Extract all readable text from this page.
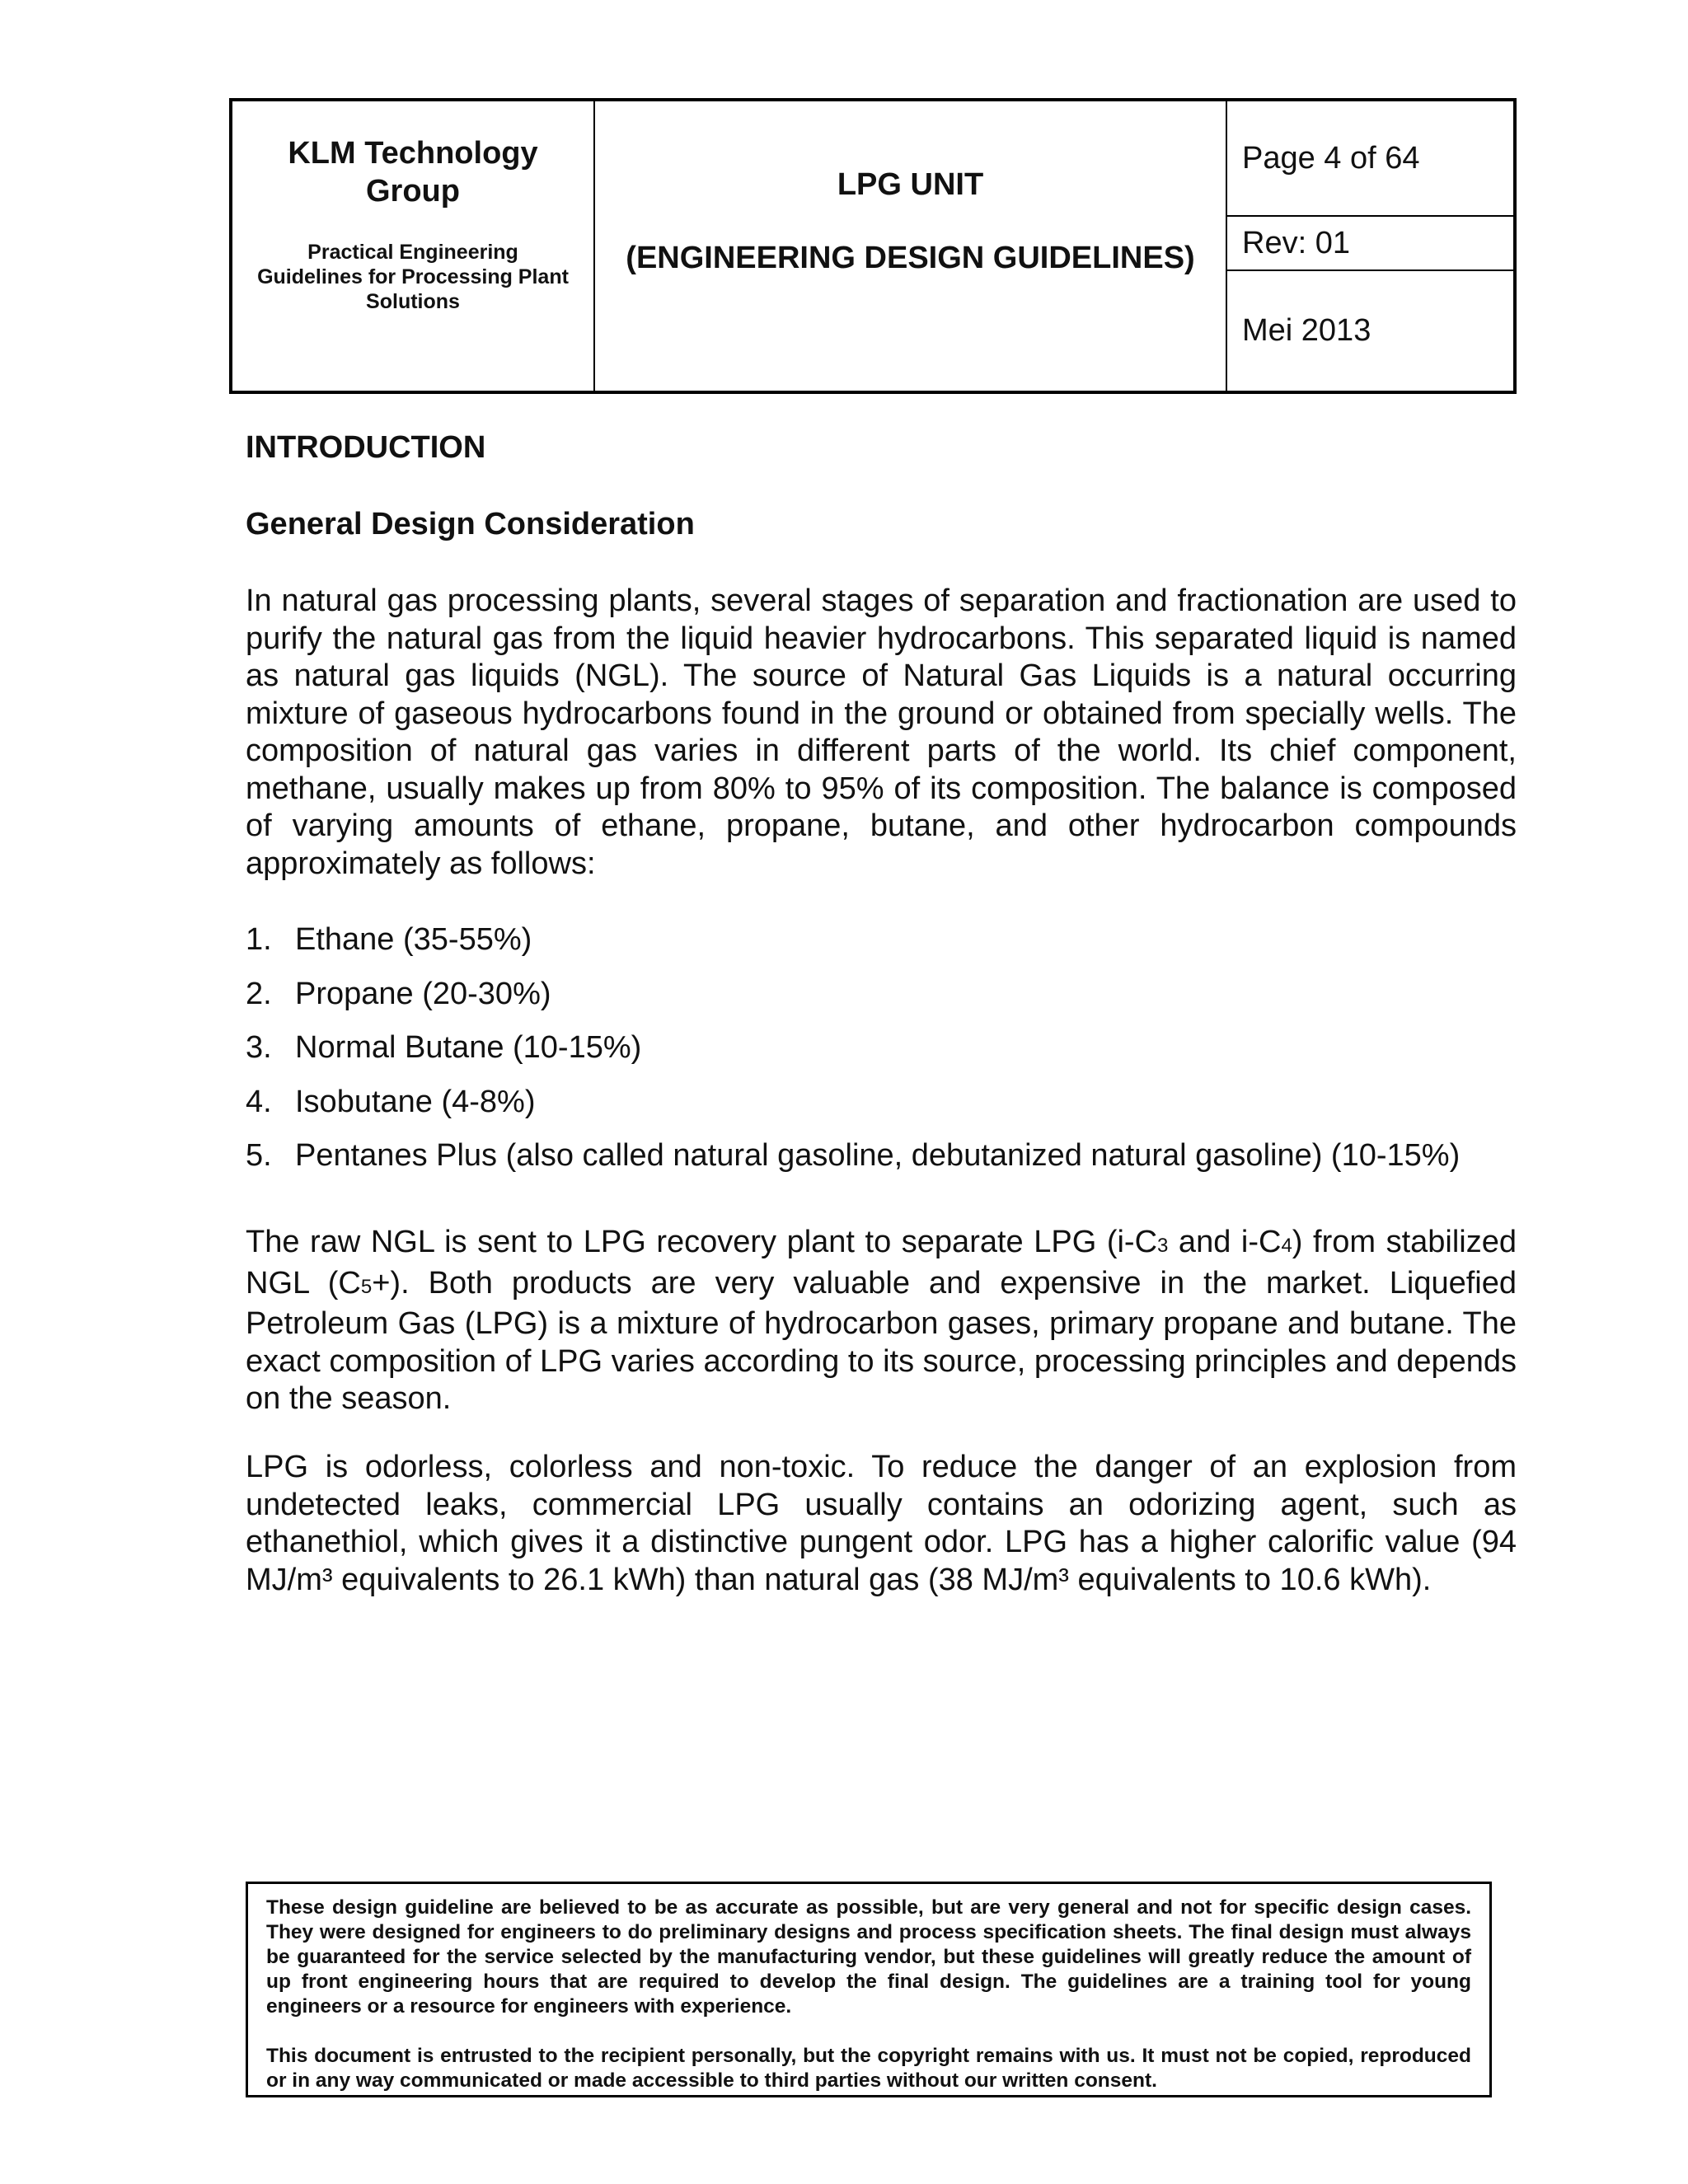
KLM Technology
Group
Practical Engineering
Guidelines for Processing Plant
Solutions
LPG UNIT
(ENGINEERING DESIGN GUIDELINES)
Page 4 of 64
Rev: 01
Mei 2013
INTRODUCTION
General Design Consideration

In natural gas processing plants, several stages of separation and fractionation are used to purify the natural gas from the liquid heavier hydrocarbons. This separated liquid is named as natural gas liquids (NGL). The source of Natural Gas Liquids is a natural occurring mixture of gaseous hydrocarbons found in the ground or obtained from specially wells. The composition of natural gas varies in different parts of the world. Its chief component, methane, usually makes up from 80% to 95% of its composition. The balance is composed of varying amounts of ethane, propane, butane, and other hydrocarbon compounds approximately as follows:

1. Ethane (35-55%)
2. Propane (20-30%)
3. Normal Butane (10-15%)
4. Isobutane (4-8%)
5. Pentanes Plus (also called natural gasoline, debutanized natural gasoline) (10-15%)

The raw NGL is sent to LPG recovery plant to separate LPG (i-C3 and i-C4) from stabilized NGL (C5+). Both products are very valuable and expensive in the market. Liquefied Petroleum Gas (LPG) is a mixture of hydrocarbon gases, primary propane and butane. The exact composition of LPG varies according to its source, processing principles and depends on the season.

LPG is odorless, colorless and non-toxic. To reduce the danger of an explosion from undetected leaks, commercial LPG usually contains an odorizing agent, such as ethanethiol, which gives it a distinctive pungent odor. LPG has a higher calorific value (94 MJ/m³ equivalents to 26.1 kWh) than natural gas (38 MJ/m³ equivalents to 10.6 kWh).

These design guideline are believed to be as accurate as possible, but are very general and not for specific design cases. They were designed for engineers to do preliminary designs and process specification sheets. The final design must always be guaranteed for the service selected by the manufacturing vendor, but these guidelines will greatly reduce the amount of up front engineering hours that are required to develop the final design. The guidelines are a training tool for young engineers or a resource for engineers with experience.

This document is entrusted to the recipient personally, but the copyright remains with us. It must not be copied, reproduced or in any way communicated or made accessible to third parties without our written consent.
